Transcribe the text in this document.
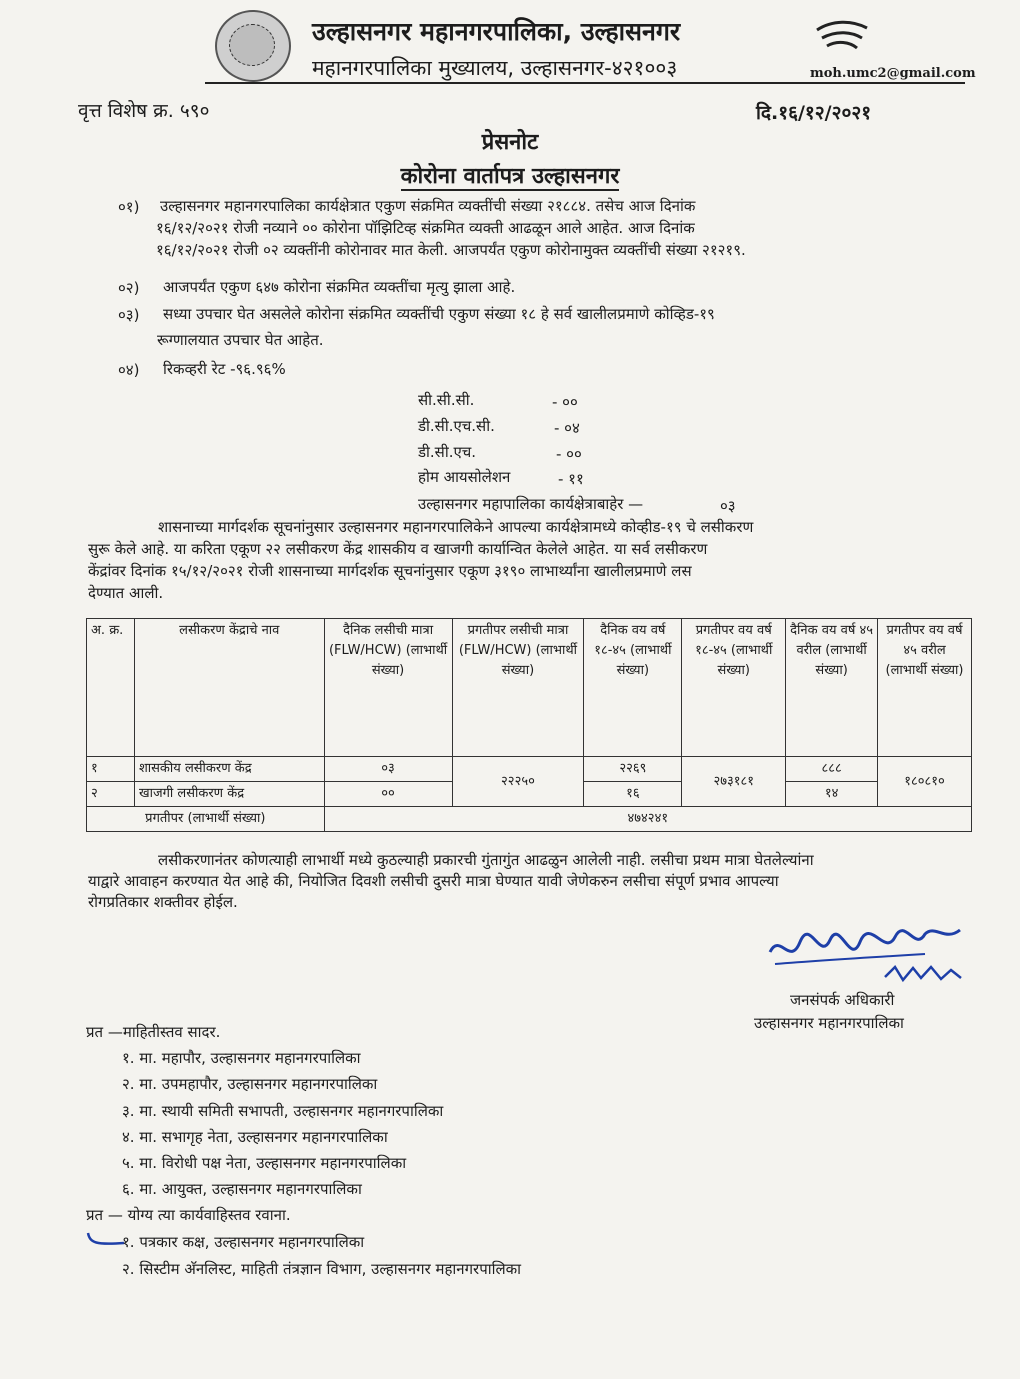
उल्हासनगर महानगरपालिका, उल्हासनगर
महानगरपालिका मुख्यालय, उल्हासनगर-४२१००३	moh.umc2@gmail.com
वृत्त विशेष क्र. ५९०	दि.१६/१२/२०२१
प्रेसनोट
कोरोना वार्तापत्र उल्हासनगर
०१) उल्हासनगर महानगरपालिका कार्यक्षेत्रात एकुण संक्रमित व्यक्तींची संख्या २१८८४. तसेच आज दिनांक
१६/१२/२०२१ रोजी नव्याने ०० कोरोना पॉझिटिव्ह संक्रमित व्यक्ती आढळून आले आहेत. आज दिनांक
१६/१२/२०२१ रोजी ०२ व्यक्तींनी कोरोनावर मात केली. आजपर्यंत एकुण कोरोनामुक्त व्यक्तींची संख्या २१२१९.
०२) आजपर्यंत एकुण ६४७ कोरोना संक्रमित व्यक्तींचा मृत्यु झाला आहे.
०३) सध्या उपचार घेत असलेले कोरोना संक्रमित व्यक्तींची एकुण संख्या १८ हे सर्व खालीलप्रमाणे कोव्हिड-१९
रूग्णालयात उपचार घेत आहेत.
०४) रिकव्हरी रेट -९६.९६%
सी.सी.सी.	- ००
डी.सी.एच.सी.	- ०४
डी.सी.एच.	- ००
होम आयसोलेशन	- ११
उल्हासनगर महापालिका कार्यक्षेत्राबाहेर —	०३
शासनाच्या मार्गदर्शक सूचनांनुसार उल्हासनगर महानगरपालिकेने आपल्या कार्यक्षेत्रामध्ये कोव्हीड-१९ चे लसीकरण
सुरू केले आहे. या करिता एकूण २२ लसीकरण केंद्र शासकीय व खाजगी कार्यान्वित केलेले आहेत. या सर्व लसीकरण
केंद्रांवर दिनांक १५/१२/२०२१ रोजी शासनाच्या मार्गदर्शक सूचनांनुसार एकूण ३१९० लाभार्थ्यांना खालीलप्रमाणे लस
देण्यात आली.
अ. क्र.	लसीकरण केंद्राचे नाव	दैनिक लसीची मात्रा (FLW/HCW) (लाभार्थी संख्या)	प्रगतीपर लसीची मात्रा (FLW/HCW) (लाभार्थी संख्या)	दैनिक वय वर्ष १८-४५ (लाभार्थी संख्या)	प्रगतीपर वय वर्ष १८-४५ (लाभार्थी संख्या)	दैनिक वय वर्ष ४५ वरील (लाभार्थी संख्या)	प्रगतीपर वय वर्ष ४५ वरील (लाभार्थी संख्या)
१	शासकीय लसीकरण केंद्र	०३	२२२५०	२२६९	२७३१८१	८८८	१८०८१०
२	खाजगी लसीकरण केंद्र	००		१६		१४	
प्रगतीपर (लाभार्थी संख्या)		४७४२४१					
लसीकरणानंतर कोणत्याही लाभार्थी मध्ये कुठल्याही प्रकारची गुंतागुंत आढळुन आलेली नाही. लसीचा प्रथम मात्रा घेतलेल्यांना
याद्वारे आवाहन करण्यात येत आहे की, नियोजित दिवशी लसीची दुसरी मात्रा घेण्यात यावी जेणेकरुन लसीचा संपूर्ण प्रभाव आपल्या
रोगप्रतिकार शक्तीवर होईल.
जनसंपर्क अधिकारी
उल्हासनगर महानगरपालिका
प्रत —माहितीस्तव सादर.
१. मा. महापौर, उल्हासनगर महानगरपालिका
२. मा. उपमहापौर, उल्हासनगर महानगरपालिका
३. मा. स्थायी समिती सभापती, उल्हासनगर महानगरपालिका
४. मा. सभागृह नेता, उल्हासनगर महानगरपालिका
५. मा. विरोधी पक्ष नेता, उल्हासनगर महानगरपालिका
६. मा. आयुक्त, उल्हासनगर महानगरपालिका
प्रत — योग्य त्या कार्यवाहिस्तव रवाना.
१. पत्रकार कक्ष, उल्हासनगर महानगरपालिका
२. सिस्टीम अ‍ॅनलिस्ट, माहिती तंत्रज्ञान विभाग, उल्हासनगर महानगरपालिका
